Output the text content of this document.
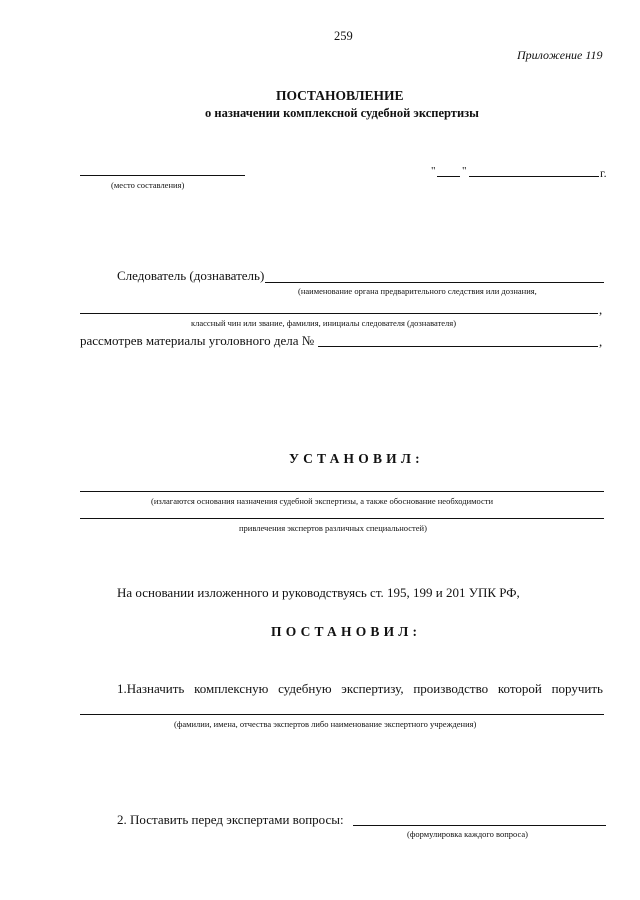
259
Приложение 119
ПОСТАНОВЛЕНИЕ
о назначении комплексной судебной экспертизы
(место составления)
" "	г.
Следователь (дознаватель)
(наименование органа предварительного следствия или дознания,
,
классный чин или звание, фамилия, инициалы следователя (дознавателя)
рассмотрев материалы уголовного дела №	,
УСТАНОВИЛ:
(излагаются основания назначения судебной экспертизы, а также обоснование необходимости
привлечения экспертов различных специальностей)
На основании изложенного и руководствуясь ст. 195, 199 и 201 УПК РФ,
ПОСТАНОВИЛ:
1.Назначить комплексную судебную экспертизу, производство которой поручить
(фамилии, имена, отчества экспертов либо наименование экспертного учреждения)
2. Поставить перед экспертами вопросы:
(формулировка каждого вопроса)
